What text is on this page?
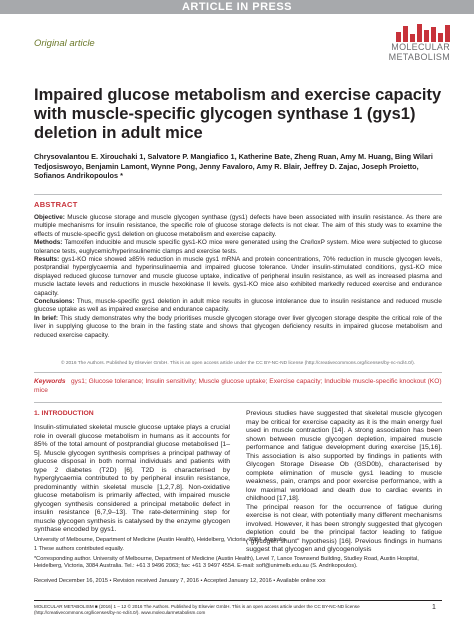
ARTICLE IN PRESS
Original article	MOLECULAR
METABOLISM
Impaired glucose metabolism and exercise capacity with muscle-specific glycogen synthase 1 (gys1) deletion in adult mice
Chrysovalantou E. Xirouchaki 1, Salvatore P. Mangiafico 1, Katherine Bate, Zheng Ruan, Amy M. Huang, Bing Wilari Tedjosiswoyo, Benjamin Lamont, Wynne Pong, Jenny Favaloro, Amy R. Blair, Jeffrey D. Zajac, Joseph Proietto, Sofianos Andrikopoulos *
ABSTRACT

Objective: Muscle glucose storage and muscle glycogen synthase (gys1) defects have been associated with insulin resistance. As there are multiple mechanisms for insulin resistance, the specific role of glucose storage defects is not clear. The aim of this study was to examine the effects of muscle-specific gys1 deletion on glucose metabolism and exercise capacity.

Methods: Tamoxifen inducible and muscle specific gys1-KO mice were generated using the Cre/loxP system. Mice were subjected to glucose tolerance tests, euglycemic/hyperinsulinemic clamps and exercise tests.

Results: gys1-KO mice showed ≥85% reduction in muscle gys1 mRNA and protein concentrations, 70% reduction in muscle glycogen levels, postprandial hyperglycaemia and hyperinsulinaemia and impaired glucose tolerance. Under insulin-stimulated conditions, gys1-KO mice displayed reduced glucose turnover and muscle glucose uptake, indicative of peripheral insulin resistance, as well as increased plasma and muscle lactate levels and reductions in muscle hexokinase II levels. gys1-KO mice also exhibited markedly reduced exercise and endurance capacity.

Conclusions: Thus, muscle-specific gys1 deletion in adult mice results in glucose intolerance due to insulin resistance and reduced muscle glucose uptake as well as impaired exercise and endurance capacity.

In brief: This study demonstrates why the body prioritises muscle glycogen storage over liver glycogen storage despite the critical role of the liver in supplying glucose to the brain in the fasting state and shows that glycogen deficiency results in impaired glucose metabolism and reduced exercise capacity.

© 2016 The Authors. Published by Elsevier GmbH. This is an open access article under the CC BY-NC-ND license (http://creativecommons.org/licenses/by-nc-nd/4.0/).
Keywords gys1; Glucose tolerance; Insulin sensitivity; Muscle glucose uptake; Exercise capacity; Inducible muscle-specific knockout (KO) mice
1. INTRODUCTION

Insulin-stimulated skeletal muscle glucose uptake plays a crucial role in overall glucose metabolism in humans as it accounts for 85% of the total amount of postprandial glucose metabolised [1–5]. Muscle glycogen synthesis comprises a principal pathway of glucose disposal in both normal individuals and patients with type 2 diabetes (T2D) [6]. T2D is characterised by hyperglycaemia contributed to by peripheral insulin resistance, predominantly within skeletal muscle [1,2,7,8]. Non-oxidative glucose metabolism is primarily affected, with impaired muscle glycogen synthesis considered a principal metabolic defect in insulin resistance [6,7,9–13]. The rate-determining step for muscle glycogen synthesis is catalysed by the enzyme glycogen synthase encoded by gys1.

Previous studies have suggested that skeletal muscle glycogen may be critical for exercise capacity as it is the main energy fuel used in muscle contraction [14]. A strong association has been shown between muscle glycogen depletion, impaired muscle performance and fatigue development during exercise [15,16]. This association is also supported by findings in patients with Glycogen Storage Disease Ob (GSD0b), characterised by complete elimination of muscle gys1 leading to muscle weakness, pain, cramps and poor exercise performance, with a low maximal workload and death due to cardiac events in childhood [17,18].

The principal reason for the occurrence of fatigue during exercise is not clear, with potentially many different mechanisms involved. However, it has been strongly suggested that glycogen depletion could be the principal factor leading to fatigue ("glycogen shunt" hypothesis) [16]. Previous findings in humans suggest that glycogen and glycogenolysis

University of Melbourne, Department of Medicine (Austin Health), Heidelberg, Victoria, 3084, Australia

1 These authors contributed equally.

*Corresponding author. University of Melbourne, Department of Medicine (Austin Health), Level 7, Lance Townsend Building, Studley Road, Austin Hospital, Heidelberg, Victoria, 3084 Australia. Tel.: +61 3 9496 2063; fax: +61 3 9497 4554. E-mail: sofl@unimelb.edu.au (S. Andrikopoulos).

Received December 16, 2015 • Revision received January 7, 2016 • Accepted January 12, 2016 • Available online xxx
MOLECULAR METABOLISM ■ (2016) 1 – 12 © 2016 The Authors. Published by Elsevier GmbH. This is an open access article under the CC BY-NC-ND license (http://creativecommons.org/licenses/by-nc-nd/4.0/). www.molecularmetabolism.com
1
